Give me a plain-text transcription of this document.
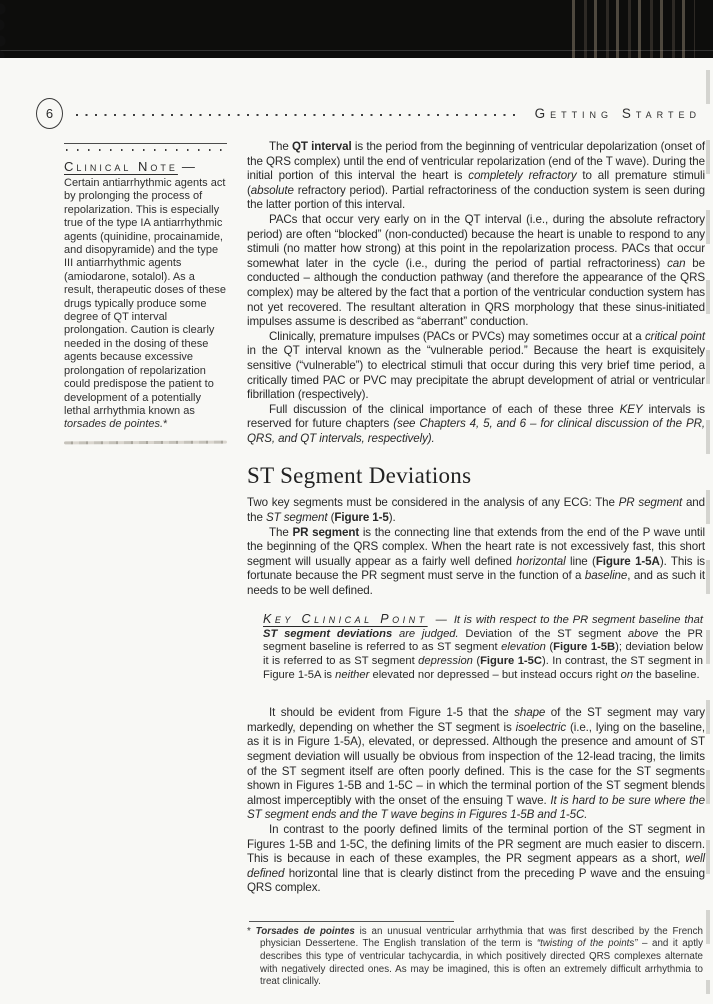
6	Getting Started
Clinical Note —

Certain antiarrhythmic agents act by prolonging the process of repolarization. This is especially true of the type IA antiarrhythmic agents (quinidine, procainamide, and disopyramide) and the type III antiarrhythmic agents (amiodarone, sotalol). As a result, therapeutic doses of these drugs typically produce some degree of QT interval prolongation. Caution is clearly needed in the dosing of these agents because excessive prolongation of repolarization could predispose the patient to development of a potentially lethal arrhythmia known as torsades de pointes.*

The QT interval is the period from the beginning of ventricular depolarization (onset of the QRS complex) until the end of ventricular repolarization (end of the T wave). During the initial portion of this interval the heart is completely refractory to all premature stimuli (absolute refractory period). Partial refractoriness of the conduction system is seen during the latter portion of this interval.

PACs that occur very early on in the QT interval (i.e., during the absolute refractory period) are often “blocked” (non-conducted) because the heart is unable to respond to any stimuli (no matter how strong) at this point in the repolarization process. PACs that occur somewhat later in the cycle (i.e., during the period of partial refractoriness) can be conducted – although the conduction pathway (and therefore the appearance of the QRS complex) may be altered by the fact that a portion of the ventricular conduction system has not yet recovered. The resultant alteration in QRS morphology that these sinus-initiated impulses assume is described as “aberrant” conduction.

Clinically, premature impulses (PACs or PVCs) may sometimes occur at a critical point in the QT interval known as the “vulnerable period.” Because the heart is exquisitely sensitive (“vulnerable”) to electrical stimuli that occur during this very brief time period, a critically timed PAC or PVC may precipitate the abrupt development of atrial or ventricular fibrillation (respectively).

Full discussion of the clinical importance of each of these three KEY intervals is reserved for future chapters (see Chapters 4, 5, and 6 – for clinical discussion of the PR, QRS, and QT intervals, respectively).

ST Segment Deviations

Two key segments must be considered in the analysis of any ECG: The PR segment and the ST segment (Figure 1-5).

The PR segment is the connecting line that extends from the end of the P wave until the beginning of the QRS complex. When the heart rate is not excessively fast, this short segment will usually appear as a fairly well defined horizontal line (Figure 1-5A). This is fortunate because the PR segment must serve in the function of a baseline, and as such it needs to be well defined.

Key Clinical Point — It is with respect to the PR segment baseline that ST segment deviations are judged. Deviation of the ST segment above the PR segment baseline is referred to as ST segment elevation (Figure 1-5B); deviation below it is referred to as ST segment depression (Figure 1-5C). In contrast, the ST segment in Figure 1-5A is neither elevated nor depressed – but instead occurs right on the baseline.

It should be evident from Figure 1-5 that the shape of the ST segment may vary markedly, depending on whether the ST segment is isoelectric (i.e., lying on the baseline, as it is in Figure 1-5A), elevated, or depressed. Although the presence and amount of ST segment deviation will usually be obvious from inspection of the 12-lead tracing, the limits of the ST segment itself are often poorly defined. This is the case for the ST segments shown in Figures 1-5B and 1-5C – in which the terminal portion of the ST segment blends almost imperceptibly with the onset of the ensuing T wave. It is hard to be sure where the ST segment ends and the T wave begins in Figures 1-5B and 1-5C.

In contrast to the poorly defined limits of the terminal portion of the ST segment in Figures 1-5B and 1-5C, the defining limits of the PR segment are much easier to discern. This is because in each of these examples, the PR segment appears as a short, well defined horizontal line that is clearly distinct from the preceding P wave and the ensuing QRS complex.

* Torsades de pointes is an unusual ventricular arrhythmia that was first described by the French physician Dessertene. The English translation of the term is “twisting of the points” – and it aptly describes this type of ventricular tachycardia, in which positively directed QRS complexes alternate with negatively directed ones. As may be imagined, this is often an extremely difficult arrhythmia to treat clinically.
